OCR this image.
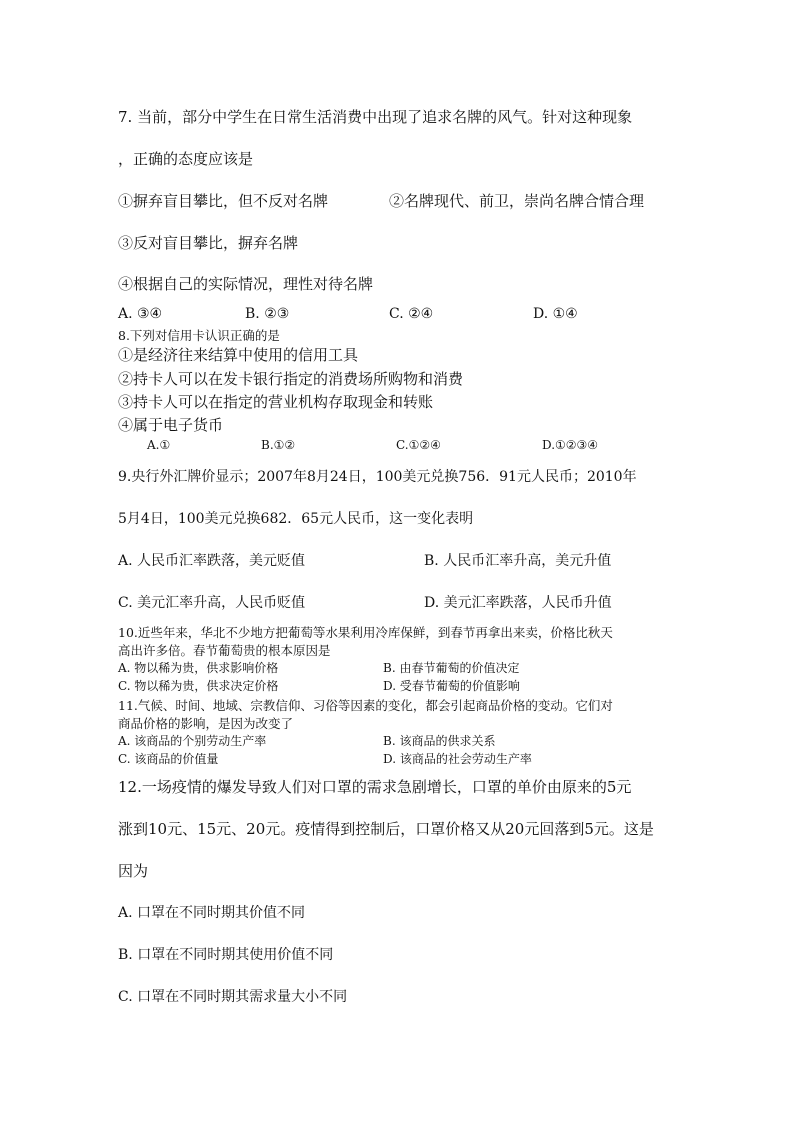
7. 当前，部分中学生在日常生活消费中出现了追求名牌的风气。针对这种现象
，正确的态度应该是
①摒弃盲目攀比，但不反对名牌	②名牌现代、前卫，崇尚名牌合情合理
③反对盲目攀比，摒弃名牌
④根据自己的实际情况，理性对待名牌
A. ③④	B. ②③	C. ②④	D. ①④
8.下列对信用卡认识正确的是
①是经济往来结算中使用的信用工具
②持卡人可以在发卡银行指定的消费场所购物和消费
③持卡人可以在指定的营业机构存取现金和转账
④属于电子货币
A.①	B.①②	C.①②④	D.①②③④
9.央行外汇牌价显示；2007年8月24日，100美元兑换756．91元人民币；2010年
5月4日，100美元兑换682．65元人民币，这一变化表明
A. 人民币汇率跌落，美元贬值	B. 人民币汇率升高，美元升值
C. 美元汇率升高，人民币贬值	D. 美元汇率跌落，人民币升值
10.近些年来，华北不少地方把葡萄等水果利用冷库保鲜，到春节再拿出来卖，价格比秋天
高出许多倍。春节葡萄贵的根本原因是
A. 物以稀为贵，供求影响价格	B. 由春节葡萄的价值决定
C. 物以稀为贵，供求决定价格	D. 受春节葡萄的价值影响
11.气候、时间、地域、宗教信仰、习俗等因素的变化，都会引起商品价格的变动。它们对
商品价格的影响，是因为改变了
A. 该商品的个别劳动生产率	B. 该商品的供求关系
C. 该商品的价值量	D. 该商品的社会劳动生产率
12.一场疫情的爆发导致人们对口罩的需求急剧增长，口罩的单价由原来的5元
涨到10元、15元、20元。疫情得到控制后，口罩价格又从20元回落到5元。这是
因为
A. 口罩在不同时期其价值不同
B. 口罩在不同时期其使用价值不同
C. 口罩在不同时期其需求量大小不同
